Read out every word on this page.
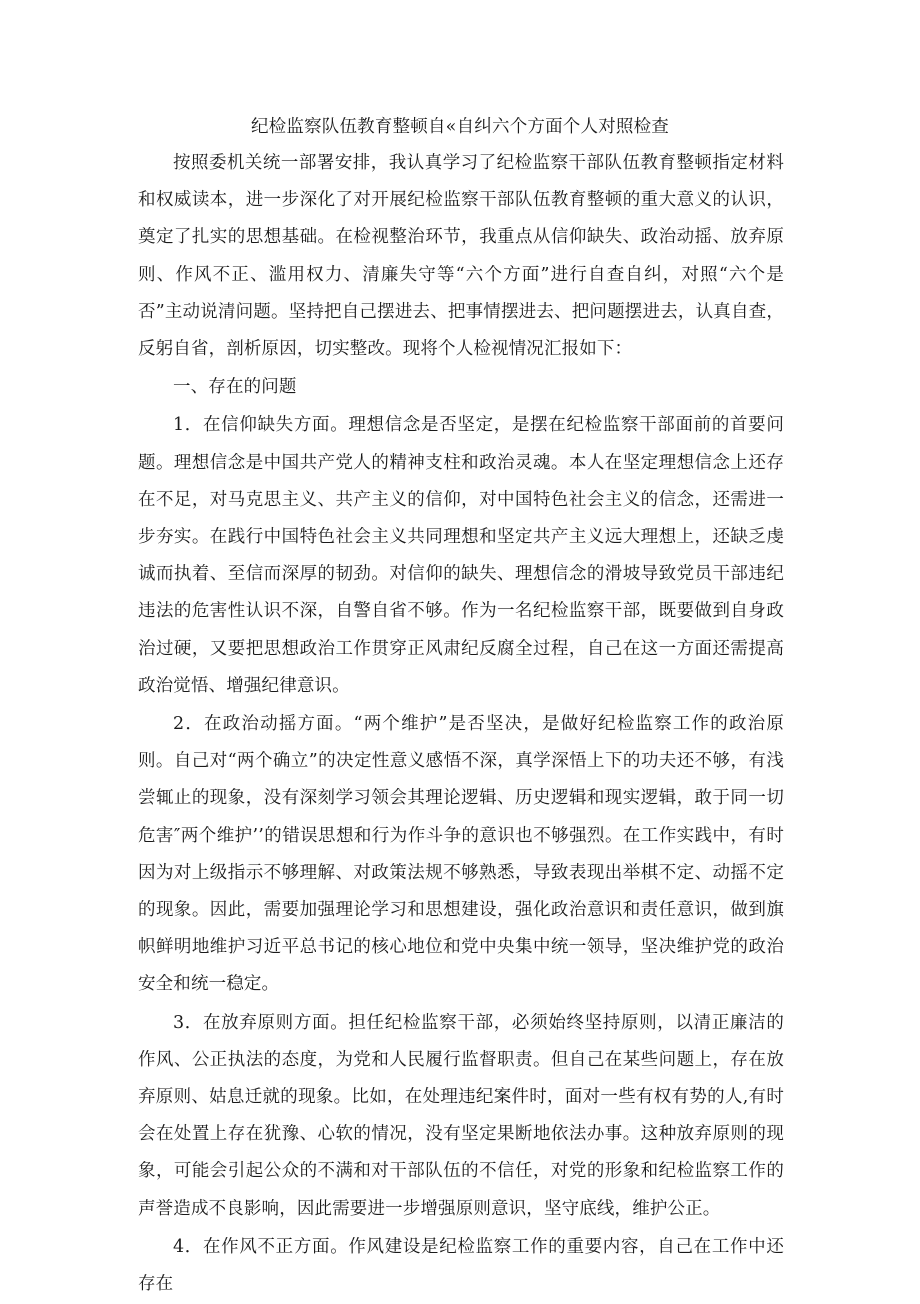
纪检监察队伍教育整顿自«自纠六个方面个人对照检查

按照委机关统一部署安排，我认真学习了纪检监察干部队伍教育整顿指定材料和权威读本，进一步深化了对开展纪检监察干部队伍教育整顿的重大意义的认识，奠定了扎实的思想基础。在检视整治环节，我重点从信仰缺失、政治动摇、放弃原则、作风不正、滥用权力、清廉失守等“六个方面”进行自查自纠，对照“六个是否”主动说清问题。坚持把自己摆进去、把事情摆进去、把问题摆进去，认真自查，反躬自省，剖析原因，切实整改。现将个人检视情况汇报如下：

一、存在的问题

1．在信仰缺失方面。理想信念是否坚定，是摆在纪检监察干部面前的首要问题。理想信念是中国共产党人的精神支柱和政治灵魂。本人在坚定理想信念上还存在不足，对马克思主义、共产主义的信仰，对中国特色社会主义的信念，还需进一步夯实。在践行中国特色社会主义共同理想和坚定共产主义远大理想上，还缺乏虔诚而执着、至信而深厚的韧劲。对信仰的缺失、理想信念的滑坡导致党员干部违纪违法的危害性认识不深，自警自省不够。作为一名纪检监察干部，既要做到自身政治过硬，又要把思想政治工作贯穿正风肃纪反腐全过程，自己在这一方面还需提高政治觉悟、增强纪律意识。

2．在政治动摇方面。“两个维护”是否坚决，是做好纪检监察工作的政治原则。自己对“两个确立”的决定性意义感悟不深，真学深悟上下的功夫还不够，有浅尝辄止的现象，没有深刻学习领会其理论逻辑、历史逻辑和现实逻辑，敢于同一切危害″两个维护’’的错误思想和行为作斗争的意识也不够强烈。在工作实践中，有时因为对上级指示不够理解、对政策法规不够熟悉，导致表现出举棋不定、动摇不定的现象。因此，需要加强理论学习和思想建设，强化政治意识和责任意识，做到旗帜鲜明地维护习近平总书记的核心地位和党中央集中统一领导，坚决维护党的政治安全和统一稳定。

3．在放弃原则方面。担任纪检监察干部，必须始终坚持原则，以清正廉洁的作风、公正执法的态度，为党和人民履行监督职责。但自己在某些问题上，存在放弃原则、姑息迁就的现象。比如，在处理违纪案件时，面对一些有权有势的人,有时会在处置上存在犹豫、心软的情况，没有坚定果断地依法办事。这种放弃原则的现象，可能会引起公众的不满和对干部队伍的不信任，对党的形象和纪检监察工作的声誉造成不良影响，因此需要进一步增强原则意识，坚守底线，维护公正。

4．在作风不正方面。作风建设是纪检监察工作的重要内容，自己在工作中还存在
